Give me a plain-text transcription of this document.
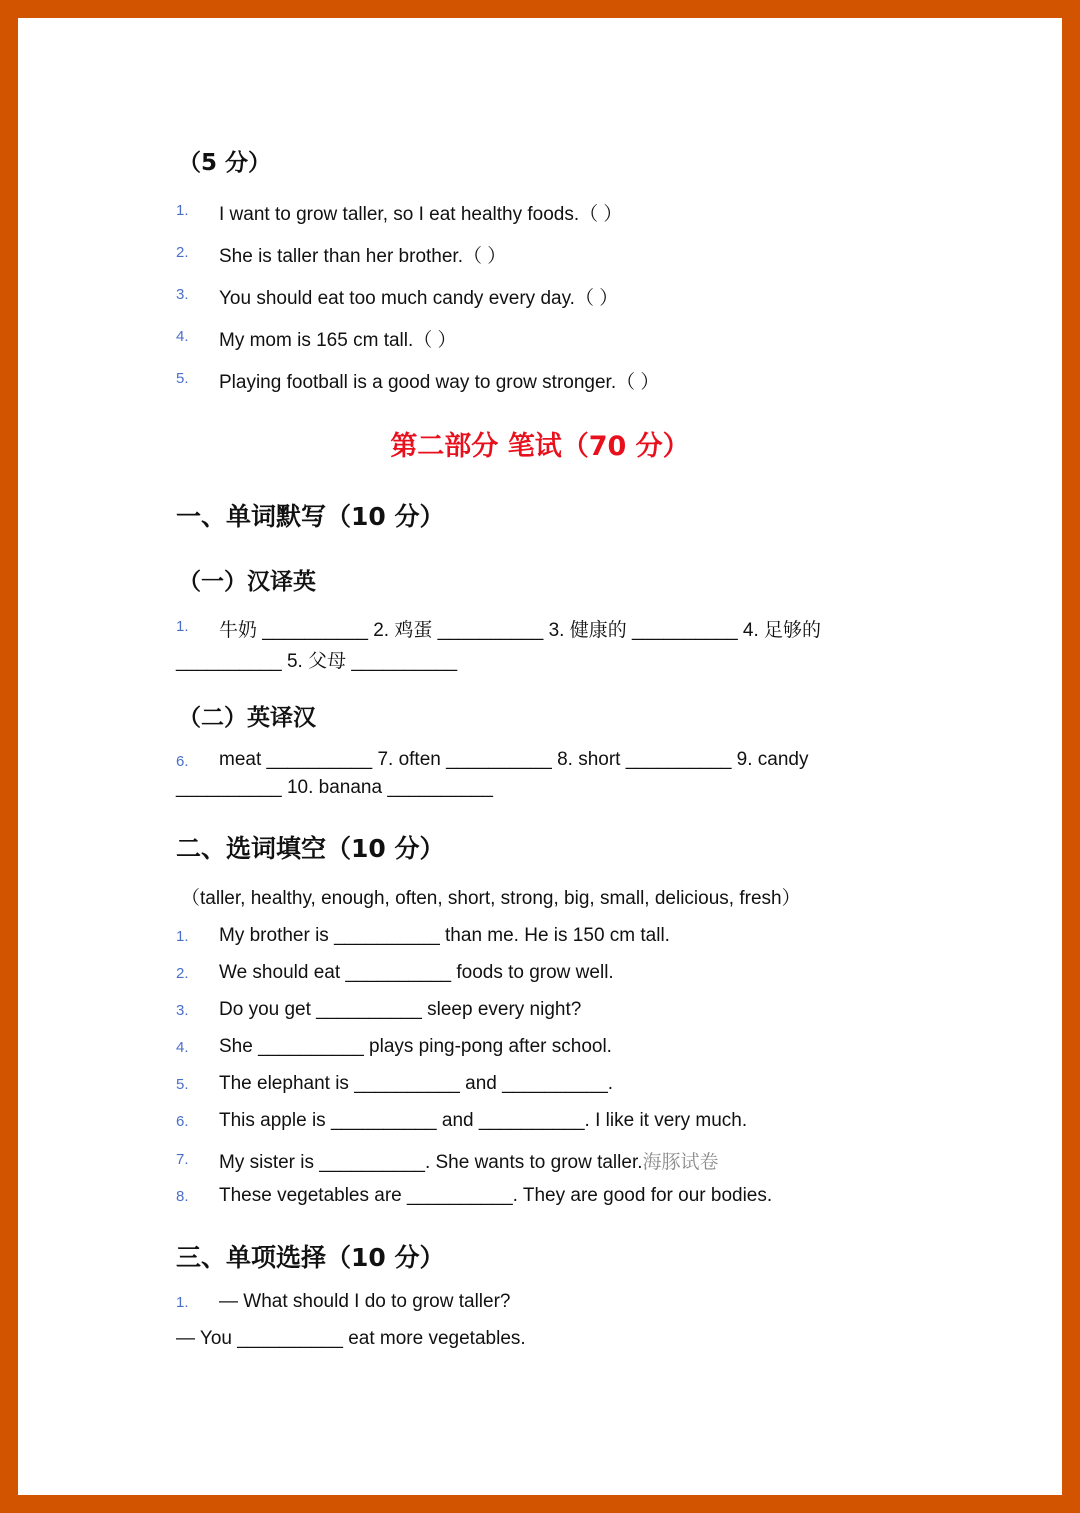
（5 分）
1. I want to grow taller, so I eat healthy foods.（ ）
2. She is taller than her brother.（ ）
3. You should eat too much candy every day.（ ）
4. My mom is 165 cm tall.（ ）
5. Playing football is a good way to grow stronger.（ ）
第二部分 笔试（70 分）
一、单词默写（10 分）
（一）汉译英
1. 牛奶 __________ 2. 鸡蛋 __________ 3. 健康的 __________ 4. 足够的
__________ 5. 父母 __________
（二）英译汉
6. meat __________ 7. often __________ 8. short __________ 9. candy
__________ 10. banana __________
二、选词填空（10 分）
（taller, healthy, enough, often, short, strong, big, small, delicious, fresh）
1. My brother is __________ than me. He is 150 cm tall.
2. We should eat __________ foods to grow well.
3. Do you get __________ sleep every night?
4. She __________ plays ping-pong after school.
5. The elephant is __________ and __________.
6. This apple is __________ and __________. I like it very much.
7. My sister is __________. She wants to grow taller.海豚试卷
8. These vegetables are __________. They are good for our bodies.
三、单项选择（10 分）
1. — What should I do to grow taller?
— You __________ eat more vegetables.
